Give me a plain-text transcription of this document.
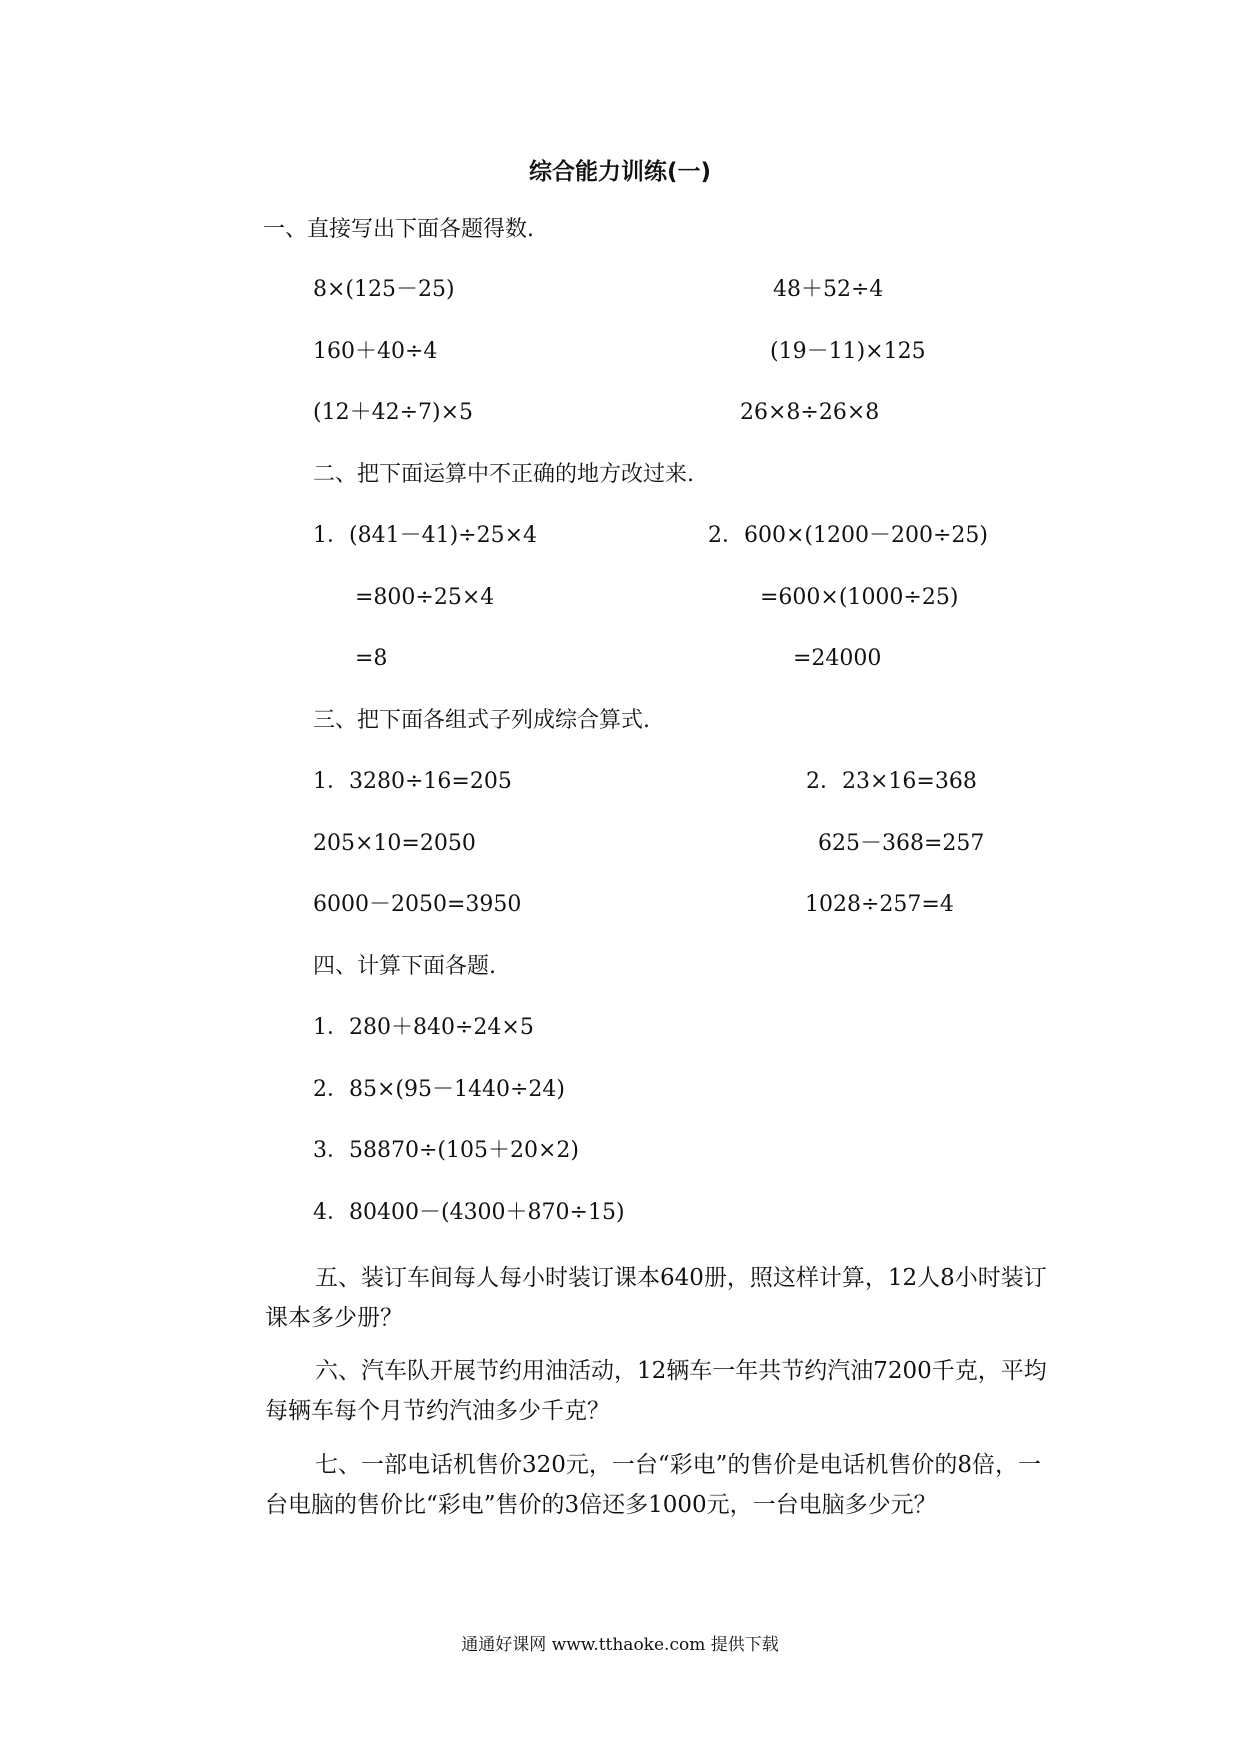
综合能力训练(一)
一、直接写出下面各题得数.
8×(125－25)	48＋52÷4
160＋40÷4	(19－11)×125
(12＋42÷7)×5	26×8÷26×8
二、把下面运算中不正确的地方改过来.
1．(841－41)÷25×4	2．600×(1200－200÷25)
=800÷25×4	=600×(1000÷25)
=8	=24000
三、把下面各组式子列成综合算式.
1．3280÷16=205	2．23×16=368
205×10=2050	625－368=257
6000－2050=3950	1028÷257=4
四、计算下面各题.
1．280＋840÷24×5
2．85×(95－1440÷24)
3．58870÷(105＋20×2)
4．80400－(4300＋870÷15)
五、装订车间每人每小时装订课本640册，照这样计算，12人8小时装订课本多少册？
六、汽车队开展节约用油活动，12辆车一年共节约汽油7200千克，平均每辆车每个月节约汽油多少千克？
七、一部电话机售价320元，一台“彩电”的售价是电话机售价的8倍，一台电脑的售价比“彩电”售价的3倍还多1000元，一台电脑多少元？
通通好课网 www.tthaoke.com 提供下载
